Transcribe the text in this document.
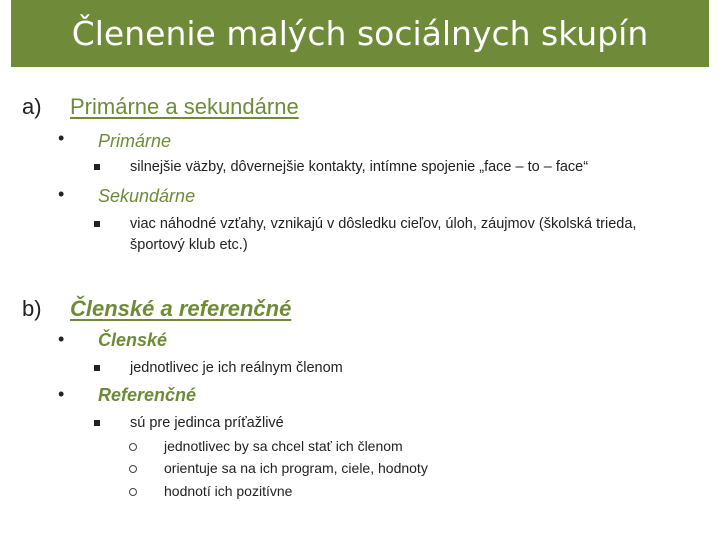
Členenie malých sociálnych skupín
a) Primárne a sekundárne
• Primárne
silnejšie väzby, dôvernejšie kontakty, intímne spojenie „face – to – face“
• Sekundárne
viac náhodné vzťahy, vznikajú v dôsledku cieľov, úloh, záujmov (školská trieda, športový klub etc.)
b) Členské a referenčné
• Členské
jednotlivec je ich reálnym členom
• Referenčné
sú pre jedinca príťažlivé
jednotlivec by sa chcel stať ich členom
orientuje sa na ich program, ciele, hodnoty
hodnotí ich pozitívne
